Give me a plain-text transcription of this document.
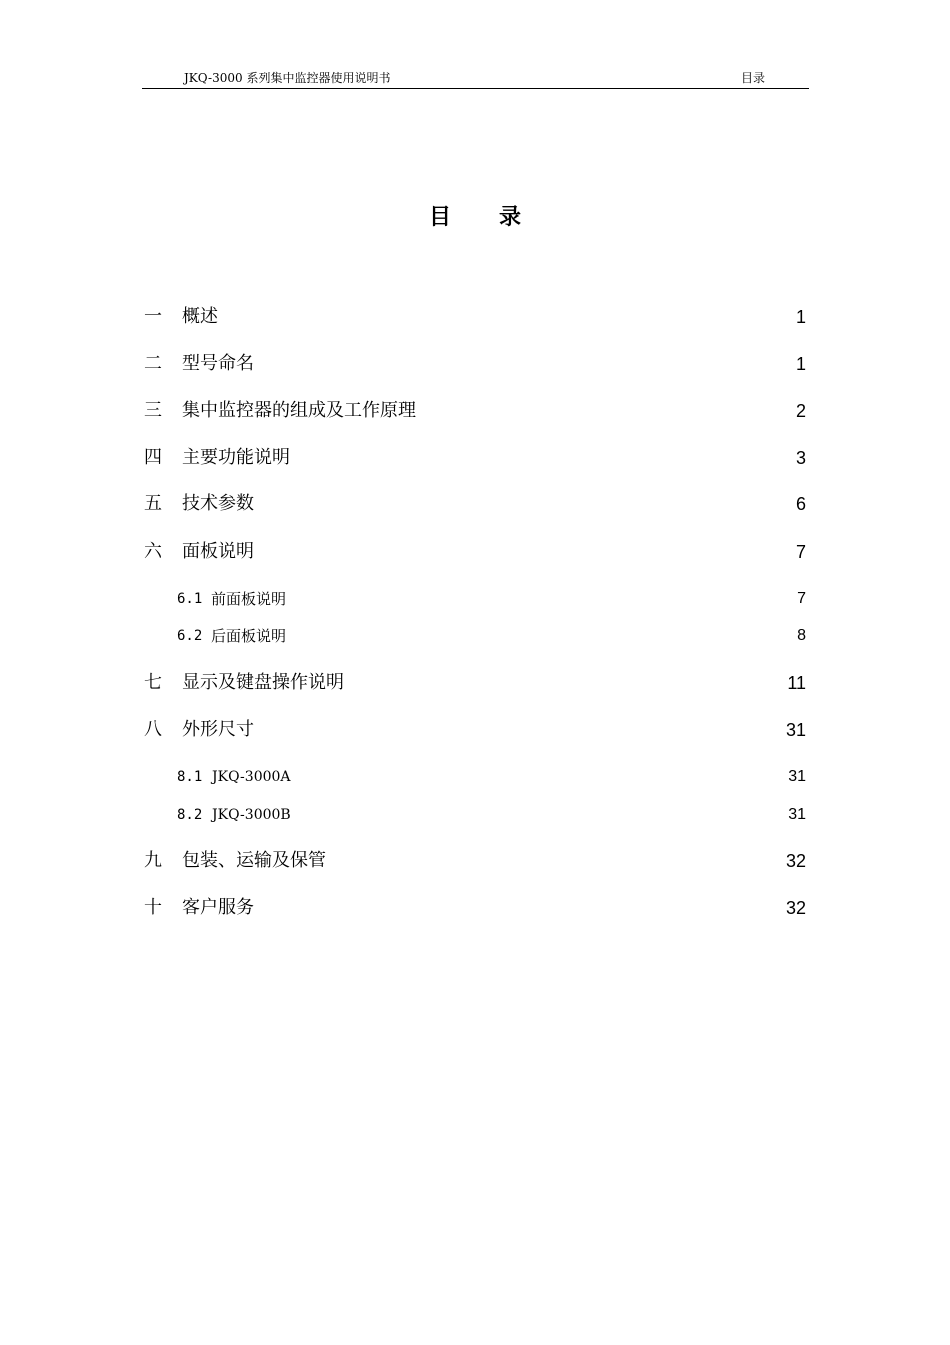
JKQ-3000 系列集中监控器使用说明书	目录
目录
一 概述	1
二 型号命名	1
三 集中监控器的组成及工作原理	2
四 主要功能说明	3
五 技术参数	6
六 面板说明	7
6.1 前面板说明	7
6.2 后面板说明	8
七 显示及键盘操作说明	11
八 外形尺寸	31
8.1 JKQ-3000A	31
8.2 JKQ-3000B	31
九 包装、运输及保管	32
十 客户服务	32
